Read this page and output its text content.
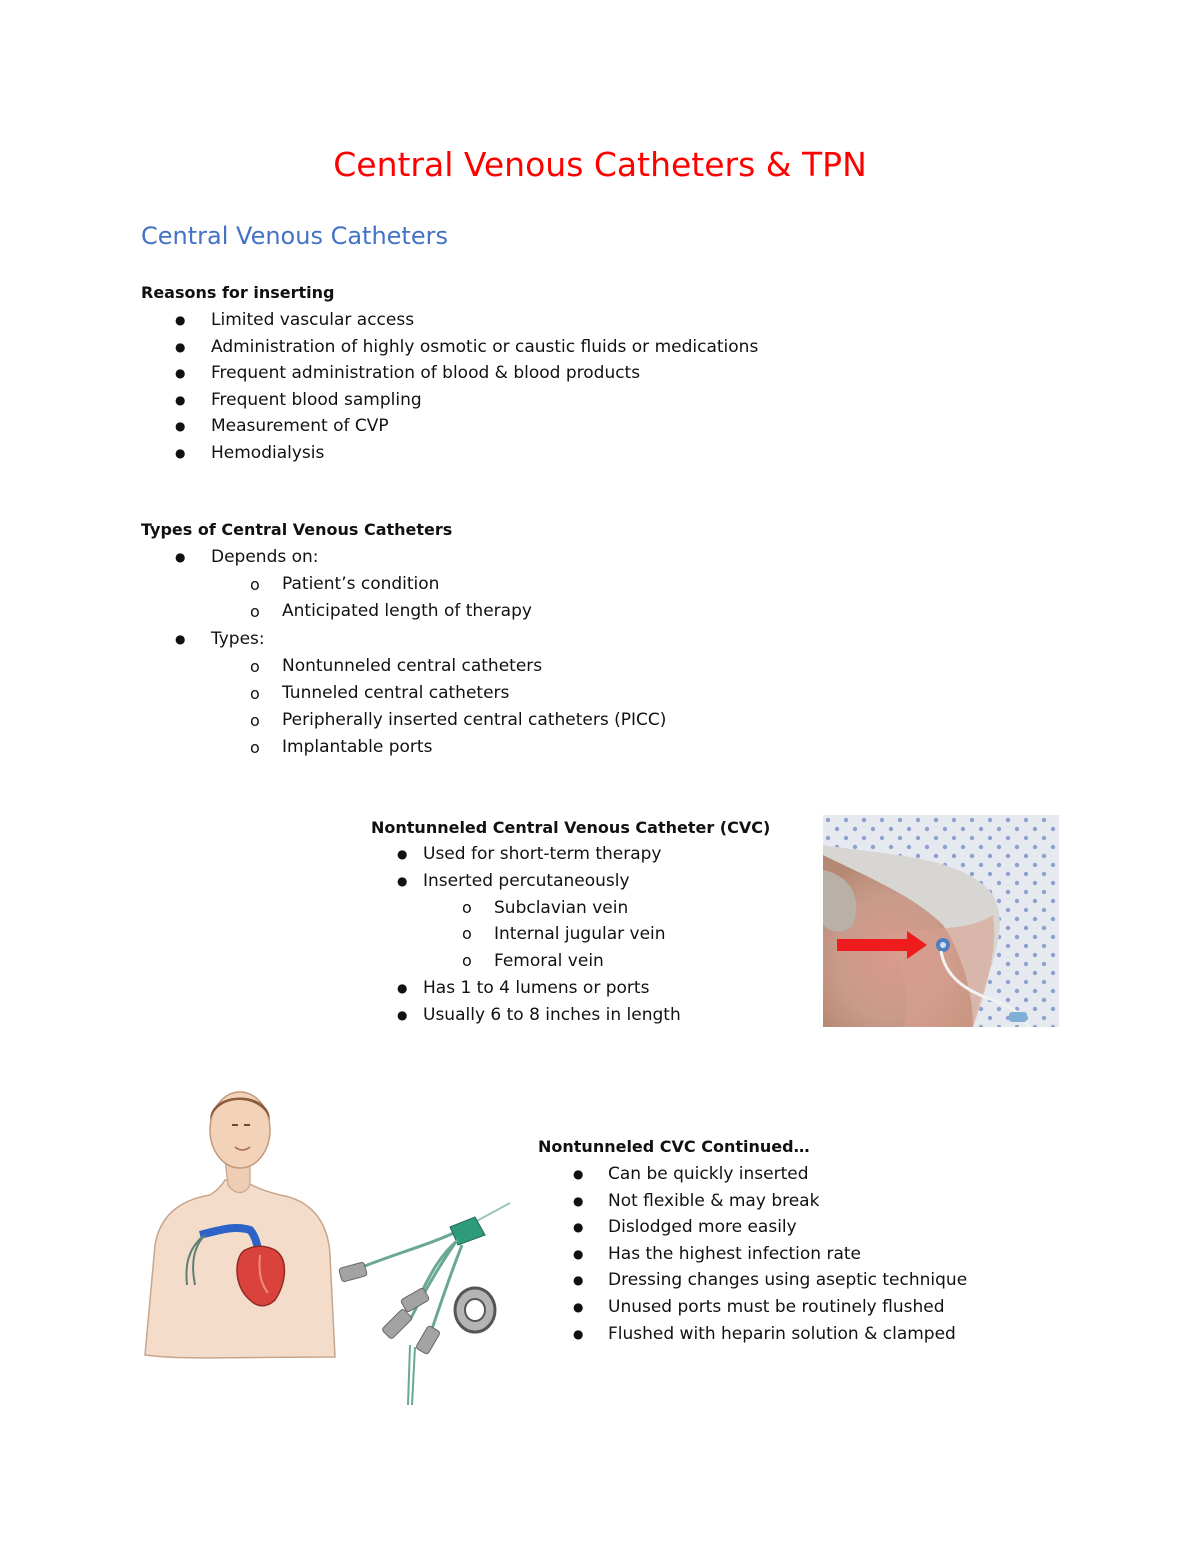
Central Venous Catheters & TPN
Central Venous Catheters
Reasons for inserting
● Limited vascular access
● Administration of highly osmotic or caustic fluids or medications
● Frequent administration of blood & blood products
● Frequent blood sampling
● Measurement of CVP
● Hemodialysis
Types of Central Venous Catheters
● Depends on:
o Patient’s condition
o Anticipated length of therapy
● Types:
o Nontunneled central catheters
o Tunneled central catheters
o Peripherally inserted central catheters (PICC)
o Implantable ports
Nontunneled Central Venous Catheter (CVC)
● Used for short-term therapy
● Inserted percutaneously
o Subclavian vein
o Internal jugular vein
o Femoral vein
● Has 1 to 4 lumens or ports
● Usually 6 to 8 inches in length
Nontunneled CVC Continued…
● Can be quickly inserted
● Not flexible & may break
● Dislodged more easily
● Has the highest infection rate
● Dressing changes using aseptic technique
● Unused ports must be routinely flushed
● Flushed with heparin solution & clamped
